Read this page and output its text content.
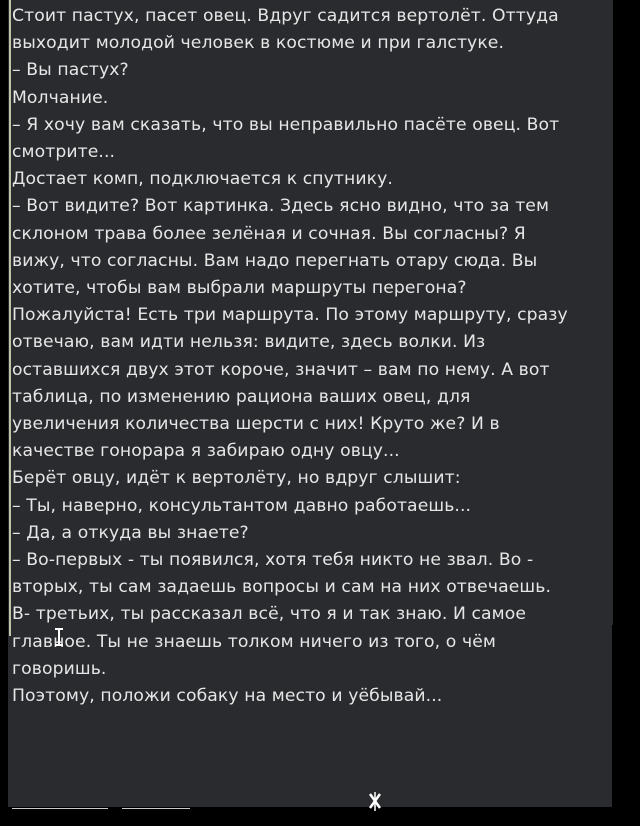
Стоит пастух, пасет овец. Вдруг садится вертолёт. Оттуда

выходит молодой человек в костюме и при галстуке.

– Вы пастух?

Молчание.

– Я хочу вам сказать, что вы неправильно пасёте овец. Вот

смотрите...

Достает комп, подключается к спутнику.

– Вот видите? Вот картинка. Здесь ясно видно, что за тем

склоном трава более зелёная и сочная. Вы согласны? Я

вижу, что согласны. Вам надо перегнать отару сюда. Вы

хотите, чтобы вам выбрали маршруты перегона?

Пожалуйста! Есть три маршрута. По этому маршруту, сразу

отвечаю, вам идти нельзя: видите, здесь волки. Из

оставшихся двух этот короче, значит – вам по нему. А вот

таблица, по изменению рациона ваших овец, для

увеличения количества шерсти с них! Круто же? И в

качестве гонорара я забираю одну овцу...

Берёт овцу, идёт к вертолёту, но вдруг слышит:

– Ты, наверно, консультантом давно работаешь...

– Да, а откуда вы знаете?

– Во-первых - ты появился, хотя тебя никто не звал. Во -

вторых, ты сам задаешь вопросы и сам на них отвечаешь.

В- третьих, ты рассказал всё, что я и так знаю. И самое

главное. Ты не знаешь толком ничего из того, о чём

говоришь.

Поэтому, положи собаку на место и уёбывай...
